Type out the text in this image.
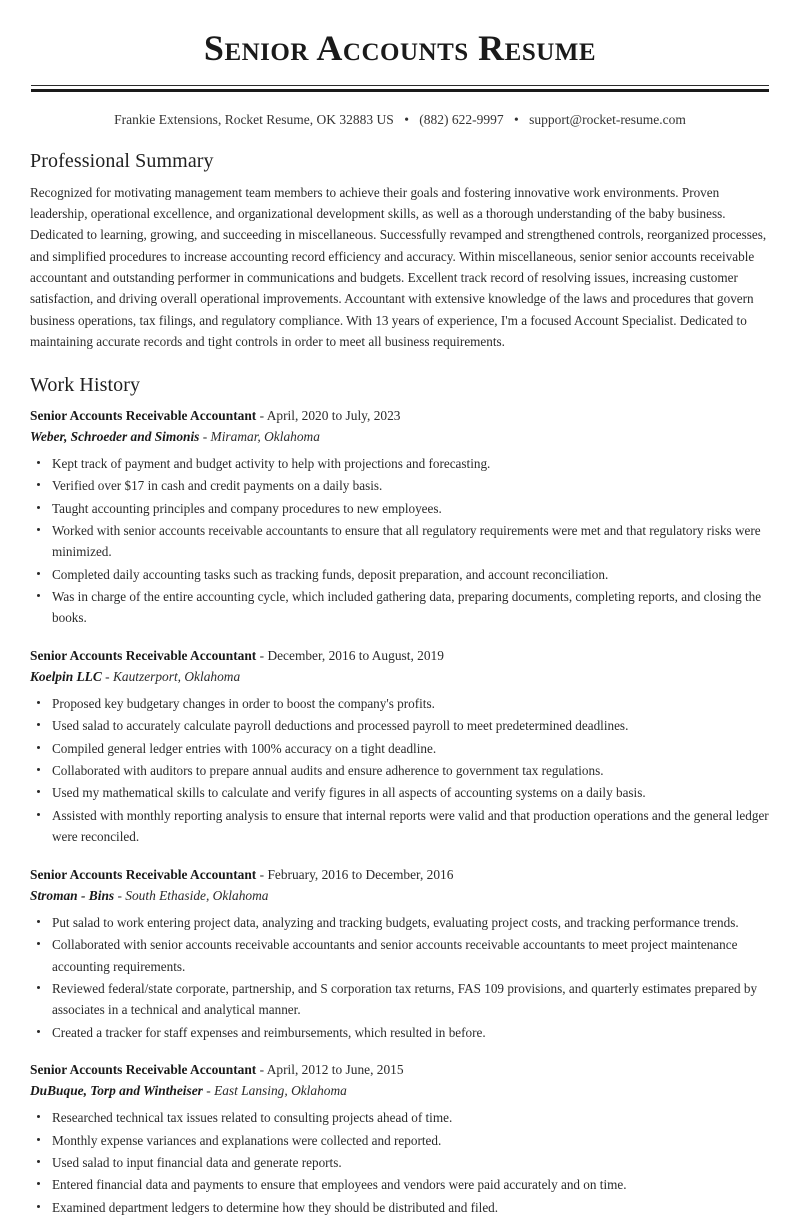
Senior Accounts Resume
Frankie Extensions, Rocket Resume, OK 32883 US • (882) 622-9997 • support@rocket-resume.com
Professional Summary

Recognized for motivating management team members to achieve their goals and fostering innovative work environments. Proven leadership, operational excellence, and organizational development skills, as well as a thorough understanding of the baby business. Dedicated to learning, growing, and succeeding in miscellaneous. Successfully revamped and strengthened controls, reorganized processes, and simplified procedures to increase accounting record efficiency and accuracy. Within miscellaneous, senior senior accounts receivable accountant and outstanding performer in communications and budgets. Excellent track record of resolving issues, increasing customer satisfaction, and driving overall operational improvements. Accountant with extensive knowledge of the laws and procedures that govern business operations, tax filings, and regulatory compliance. With 13 years of experience, I'm a focused Account Specialist. Dedicated to maintaining accurate records and tight controls in order to meet all business requirements.

Work History
Senior Accounts Receivable Accountant - April, 2020 to July, 2023
Weber, Schroeder and Simonis - Miramar, Oklahoma
Kept track of payment and budget activity to help with projections and forecasting.
Verified over $17 in cash and credit payments on a daily basis.
Taught accounting principles and company procedures to new employees.
Worked with senior accounts receivable accountants to ensure that all regulatory requirements were met and that regulatory risks were minimized.
Completed daily accounting tasks such as tracking funds, deposit preparation, and account reconciliation.
Was in charge of the entire accounting cycle, which included gathering data, preparing documents, completing reports, and closing the books.
Senior Accounts Receivable Accountant - December, 2016 to August, 2019
Koelpin LLC - Kautzerport, Oklahoma
Proposed key budgetary changes in order to boost the company's profits.
Used salad to accurately calculate payroll deductions and processed payroll to meet predetermined deadlines.
Compiled general ledger entries with 100% accuracy on a tight deadline.
Collaborated with auditors to prepare annual audits and ensure adherence to government tax regulations.
Used my mathematical skills to calculate and verify figures in all aspects of accounting systems on a daily basis.
Assisted with monthly reporting analysis to ensure that internal reports were valid and that production operations and the general ledger were reconciled.
Senior Accounts Receivable Accountant - February, 2016 to December, 2016
Stroman - Bins - South Ethaside, Oklahoma
Put salad to work entering project data, analyzing and tracking budgets, evaluating project costs, and tracking performance trends.
Collaborated with senior accounts receivable accountants and senior accounts receivable accountants to meet project maintenance accounting requirements.
Reviewed federal/state corporate, partnership, and S corporation tax returns, FAS 109 provisions, and quarterly estimates prepared by associates in a technical and analytical manner.
Created a tracker for staff expenses and reimbursements, which resulted in before.
Senior Accounts Receivable Accountant - April, 2012 to June, 2015
DuBuque, Torp and Wintheiser - East Lansing, Oklahoma
Researched technical tax issues related to consulting projects ahead of time.
Monthly expense variances and explanations were collected and reported.
Used salad to input financial data and generate reports.
Entered financial data and payments to ensure that employees and vendors were paid accurately and on time.
Examined department ledgers to determine how they should be distributed and filed.
